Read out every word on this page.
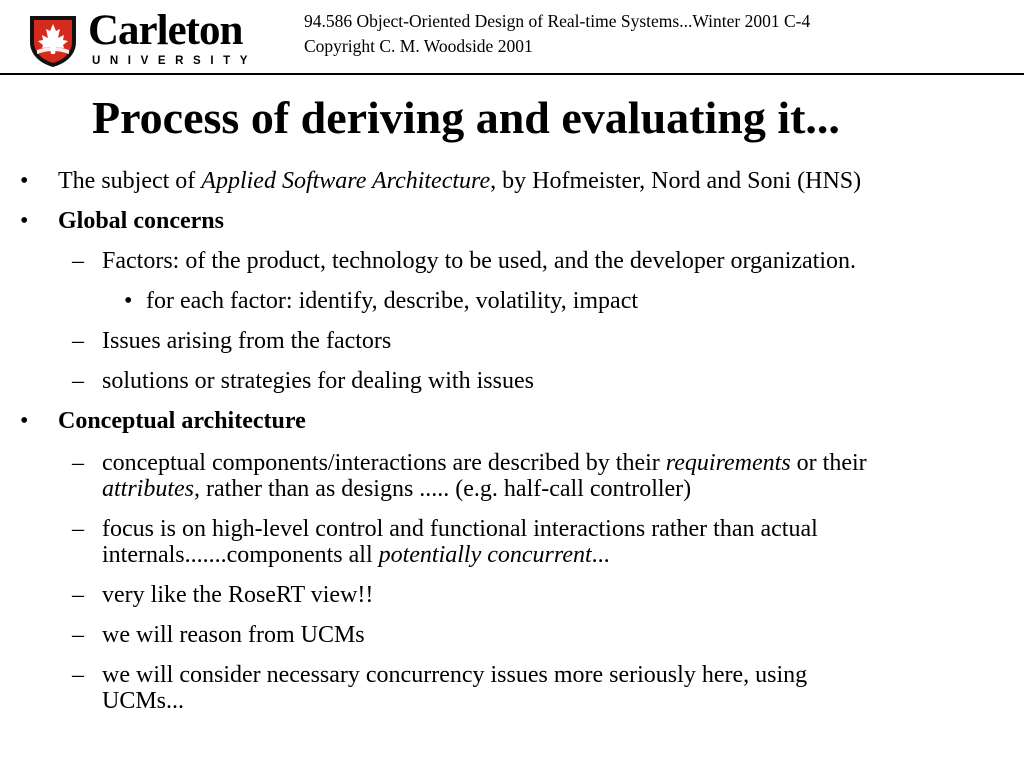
Carleton
UNIVERSITY
94.586 Object-Oriented Design of Real-time Systems...Winter 2001 C-4
Copyright C. M. Woodside 2001
Process of deriving and evaluating it...
• The subject of Applied Software Architecture, by Hofmeister, Nord and Soni (HNS)
• Global concerns
– Factors: of the product, technology to be used, and the developer organization.
• for each factor: identify, describe, volatility, impact
– Issues arising from the factors
– solutions or strategies for dealing with issues
• Conceptual architecture
– conceptual components/interactions are described by their requirements or their
attributes, rather than as designs ..... (e.g. half-call controller)
– focus is on high-level control and functional interactions rather than actual
internals.......components all potentially concurrent...
– very like the RoseRT view!!
– we will reason from UCMs
– we will consider necessary concurrency issues more seriously here, using
UCMs...
